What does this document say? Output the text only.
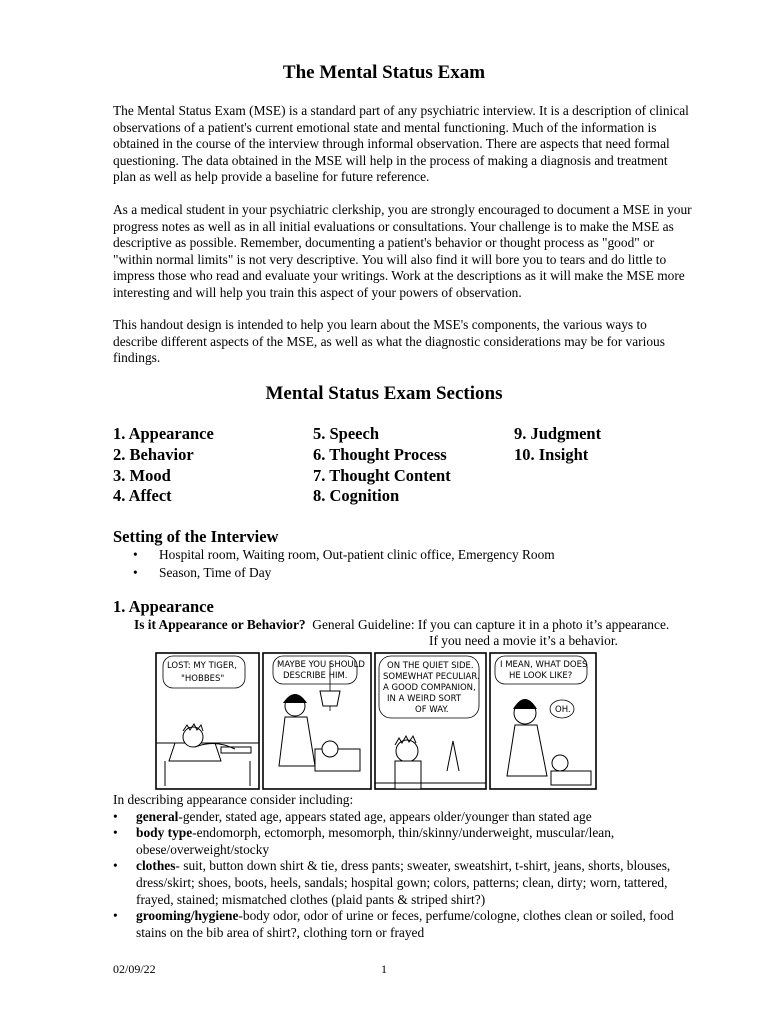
The Mental Status Exam
The Mental Status Exam (MSE) is a standard part of any psychiatric interview. It is a description of clinical observations of a patient's current emotional state and mental functioning. Much of the information is obtained in the course of the interview through informal observation. There are aspects that need formal questioning. The data obtained in the MSE will help in the process of making a diagnosis and treatment plan as well as help provide a baseline for future reference.
As a medical student in your psychiatric clerkship, you are strongly encouraged to document a MSE in your progress notes as well as in all initial evaluations or consultations. Your challenge is to make the MSE as descriptive as possible. Remember, documenting a patient's behavior or thought process as "good" or "within normal limits" is not very descriptive. You will also find it will bore you to tears and do little to impress those who read and evaluate your writings. Work at the descriptions as it will make the MSE more interesting and will help you train this aspect of your powers of observation.
This handout design is intended to help you learn about the MSE's components, the various ways to describe different aspects of the MSE, as well as what the diagnostic considerations may be for various findings.
Mental Status Exam Sections
1. Appearance
2. Behavior
3. Mood
4. Affect
5. Speech
6. Thought Process
7. Thought Content
8. Cognition
9. Judgment
10. Insight
Setting of the Interview
• Hospital room, Waiting room, Out-patient clinic office, Emergency Room
• Season, Time of Day
1. Appearance
Is it Appearance or Behavior? General Guideline: If you can capture it in a photo it’s appearance.
If you need a movie it’s a behavior.
LOST: MY TIGER,
"HOBBES"
MAYBE YOU SHOULD
DESCRIBE HIM.
ON THE QUIET SIDE.
SOMEWHAT PECULIAR.
A GOOD COMPANION,
IN A WEIRD SORT
OF WAY.
I MEAN, WHAT DOES
HE LOOK LIKE?
OH.
In describing appearance consider including:
• general-gender, stated age, appears stated age, appears older/younger than stated age
• body type-endomorph, ectomorph, mesomorph, thin/skinny/underweight, muscular/lean, obese/overweight/stocky
• clothes- suit, button down shirt & tie, dress pants; sweater, sweatshirt, t-shirt, jeans, shorts, blouses, dress/skirt; shoes, boots, heels, sandals; hospital gown; colors, patterns; clean, dirty; worn, tattered, frayed, stained; mismatched clothes (plaid pants & striped shirt?)
• grooming/hygiene-body odor, odor of urine or feces, perfume/cologne, clothes clean or soiled, food stains on the bib area of shirt?, clothing torn or frayed
02/09/22	1
